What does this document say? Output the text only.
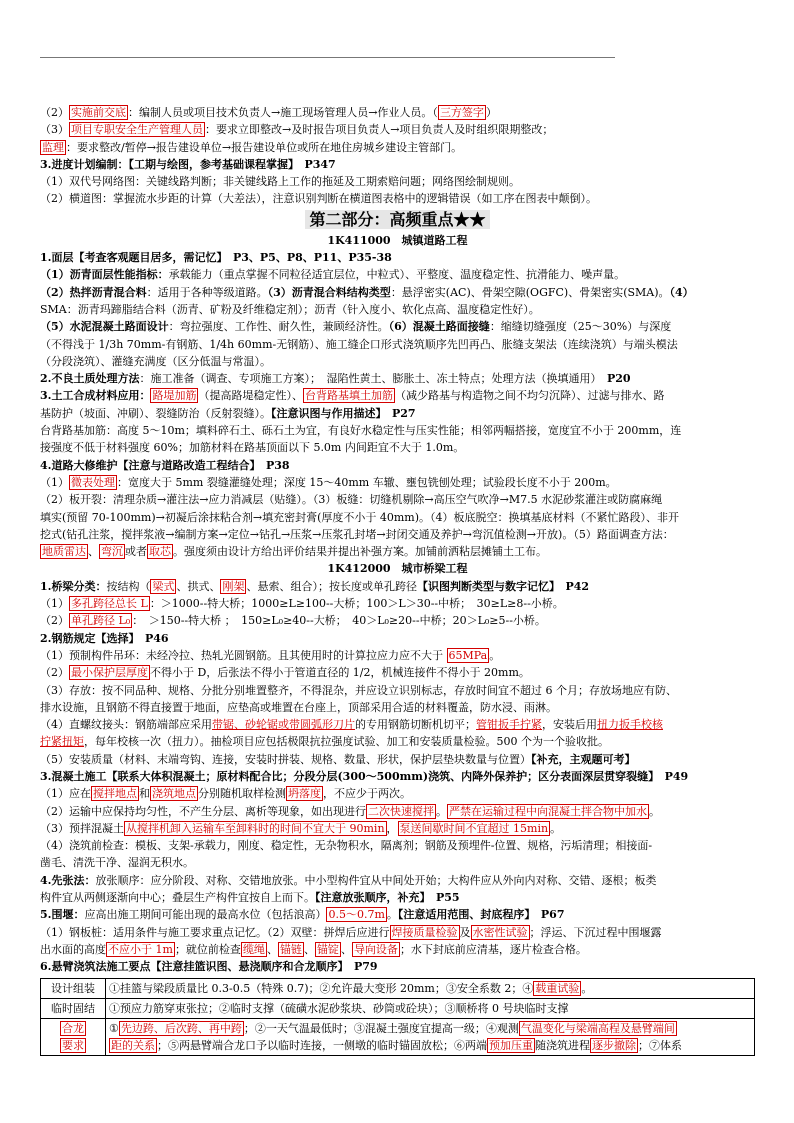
（2） 实施前交底 ：编制人员或项目技术负责人→施工现场管理人员→作业人员。（ 三方签字 ）

（3） 项目专职安全生产管理人员 ：要求立即整改→及时报告项目负责人→项目负责人及时组织限期整改；

监理 ：要求整改/暂停→报告建设单位→报告建设单位或所在地住房城乡建设主管部门。

3.进度计划编制：【工期与绘图，参考基础课程掌握】　P347

（1）双代号网络图：关键线路判断；非关键线路上工作的拖延及工期索赔问题；网络图绘制规则。

（2）横道图：掌握流水步距的计算（大差法），注意识别判断在横道图表格中的逻辑错误（如工序在图表中颠倒）。

第二部分：高频重点★★

1K411000　城镇道路工程

1.面层【考查客观题目居多，需记忆】　P3、P5、P8、P11、P35-38

（1）沥青面层性能指标：承载能力（重点掌握不同粒径适宜层位，中粒式）、平整度、温度稳定性、抗滑能力、噪声量。

（2）热拌沥青混合料：适用于各种等级道路。（3）沥青混合料结构类型：悬浮密实(AC)、骨架空隙(OGFC)、骨架密实(SMA)。（4）

SMA：沥青玛蹄脂结合料（沥青、矿粉及纤维稳定剂）；沥青（针入度小、软化点高、温度稳定性好）。

（5）水泥混凝土路面设计：弯拉强度、工作性、耐久性，兼顾经济性。（6）混凝土路面接缝：缩缝切缝强度（25～30%）与深度

（不得浅于 1/3h 70mm-有钢筋、1/4h 60mm-无钢筋）、施工缝企口形式浇筑顺序先凹再凸、胀缝支架法（连续浇筑）与端头模法

（分段浇筑）、灌缝充满度（区分低温与常温）。

2.不良土质处理方法：施工准备（调查、专项施工方案）；　湿陷性黄土、膨胀土、冻土特点；处理方法（换填通用）　P20

3.土工合成材料应用： 路堤加筋 （提高路堤稳定性）、 台背路基填土加筋 （减少路基与构造物之间不均匀沉降）、过滤与排水、路

基防护（坡面、冲刷）、裂缝防治（反射裂缝）。【注意识图与作用描述】　P27

台背路基加筋：高度 5～10m；填料碎石土、砾石土为宜，有良好水稳定性与压实性能；相邻两幅搭接，宽度宜不小于 200mm，连

接强度不低于材料强度 60%；加筋材料在路基顶面以下 5.0m 内间距宜不大于 1.0m。

4.道路大修维护【注意与道路改造工程结合】　P38

（1） 微表处理 ：宽度大于 5mm 裂缝灌缝处理；深度 15～40mm 车辙、壅包铣刨处理；试验段长度不小于 200m。

（2）板开裂：清理杂质→灌注法→应力消减层（贴缝）。（3）板缝：切缝机剔除→高压空气吹净→M7.5 水泥砂浆灌注或防腐麻绳

填实(预留 70-100mm)→初凝后涂抹粘合剂→填充密封膏(厚度不小于 40mm)。（4）板底脱空：换填基底材料（不紧忙路段）、非开

挖式(钻孔注浆，搅拌浆液→编制方案→定位→钻孔→压浆→压浆孔封堵→封闭交通及养护→弯沉值检测→开放)。（5）路面调查方法：

地质雷达 、 弯沉 或者 取芯 。强度须由设计方给出评价结果并提出补强方案。加铺前洒粘层摊铺土工布。

1K412000　城市桥梁工程

1.桥梁分类：按结构（ 梁式 、拱式、 刚架 、悬索、组合）；按长度或单孔跨径【识图判断类型与数字记忆】　P42

（1） 多孔跨径总长 L ：＞1000--特大桥；1000≥L≥100--大桥；100＞L＞30--中桥；　30≥L≥8--小桥。

（2） 单孔跨径 L₀ ：　＞150--特大桥 ；　150≥L₀≥40--大桥；　40＞L₀≥20--中桥；20＞L₀≥5--小桥。

2.钢筋规定【选择】　P46

（1）预制构件吊环：未经冷拉、热轧光圆钢筋。且其使用时的计算拉应力应不大于 65MPa 。

（2） 最小保护层厚度 不得小于 D，后张法不得小于管道直径的 1/2，机械连接件不得小于 20mm。

（3）存放：按不同品种、规格、分批分别堆置整齐，不得混杂，并应设立识别标志，存放时间宜不超过 6 个月；存放场地应有防、

排水设施，且钢筋不得直接置于地面，应垫高或堆置在台座上，顶部采用合适的材料覆盖，防水浸、雨淋。

（4）直螺纹接头：钢筋端部应采用带锯、砂轮锯或带圆弧形刀片的专用钢筋切断机切平；管钳扳手拧紧，安装后用扭力扳手校核

拧紧扭矩，每年校核一次（扭力）。抽检项目应包括极限抗拉强度试验、加工和安装质量检验。500 个为一个验收批。

（5）安装质量（材料、末端弯钩、连接，安装时拼装、规格、数量、形状，保护层垫块数量与位置）【补充，主观题可考】

3.混凝土施工【联系大体积混凝土；原材料配合比；分段分层(300～500mm)浇筑、内降外保养护；区分表面深层贯穿裂缝】　P49

（1）应在 搅拌地点 和 浇筑地点 分别随机取样检测 坍落度 ，不应少于两次。

（2）运输中应保持均匀性，不产生分层、离析等现象，如出现进行 二次快速搅拌 。 严禁在运输过程中向混凝土拌合物中加水 。

（3）预拌混凝土 从搅拌机卸入运输车至卸料时的时间不宜大于 90min ， 泵送间歇时间不宜超过 15min 。

（4）浇筑前检查：模板、支架-承载力，刚度、稳定性，无杂物积水，隔离剂；钢筋及预埋件-位置、规格，污垢清理；相接面-

凿毛、清洗干净、湿润无积水。

4.先张法：放张顺序：应分阶段、对称、交错地放张。中小型构件宜从中间处开始；大构件应从外向内对称、交错、逐根；板类

构件宜从两侧逐渐向中心；叠层生产构件宜按自上而下。【注意放张顺序，补充】　P55

5.围堰：应高出施工期间可能出现的最高水位（包括浪高） 0.5～0.7m 。【注意适用范围、封底程序】　P67

（1）钢板桩：适用条件与施工要求重点记忆。（2）双壁：拼焊后应进行 焊接质量检验 及 水密性试验 ；浮运、下沉过程中围堰露

出水面的高度 不应小于 1m ；就位前检查 缆绳 、 锚链 、 锚锭 、 导向设备 ；水下封底前应清基，逐片检查合格。

6.悬臂浇筑法施工要点【注意挂篮识图、悬浇顺序和合龙顺序】　P79

设计组装	①挂篮与梁段质量比 0.3-0.5（特殊 0.7)；②允许最大变形 20mm；③安全系数 2；④ 载重试验 。
临时固结	①预应力筋穿束张拉；②临时支撑（硫磺水泥砂浆块、砂筒或砼块）；③顺桥将 0 号块临时支撑
合龙
要求	① 先边跨、后次跨、再中跨 ；②一天气温最低时；③混凝土强度宜提高一级；④观测 气温变化与梁端高程及悬臂端间
距的关系 ；⑤两悬臂端合龙口予以临时连接，一侧墩的临时锚固放松；⑥两端 预加压重 随浇筑进程 逐步撤除 ；⑦体系
